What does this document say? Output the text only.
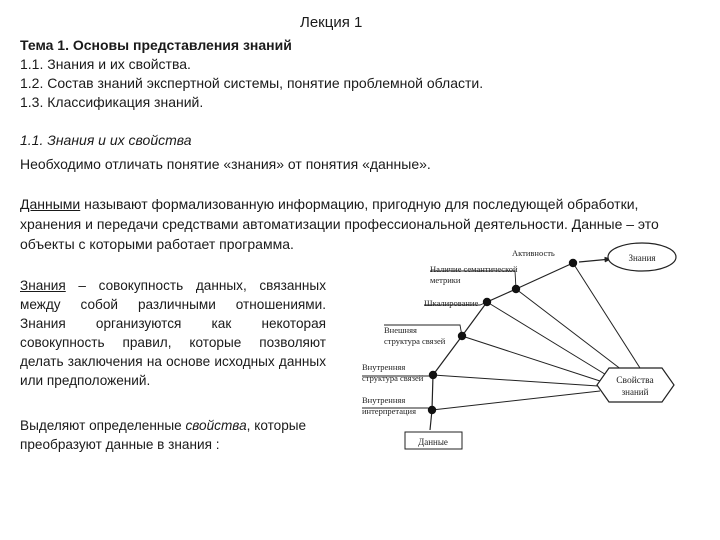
Лекция 1
Тема 1. Основы представления знаний
1.1. Знания и их свойства.
1.2. Состав знаний экспертной системы, понятие проблемной области.
1.3. Классификация знаний.
1.1. Знания и их свойства
Необходимо отличать понятие «знания» от понятия «данные».
Данными называют формализованную информацию, пригодную для последующей обработки, хранения и передачи средствами автоматизации профессиональной деятельности. Данные – это объекты с которыми работает программа.
Знания – совокупность данных, связанных между собой различными отношениями. Знания организуются как некоторая совокупность правил, которые позволяют делать заключения на основе исходных данных или предположений.
Выделяют определенные свойства, которые преобразуют данные в знания :
Знания
Свойства
знаний
Данные
Активность
Наличие семантической
метрики
Шкалирование
Внешняя
структура связей
Внутренняя
структура связей
Внутренняя
интерпретация
